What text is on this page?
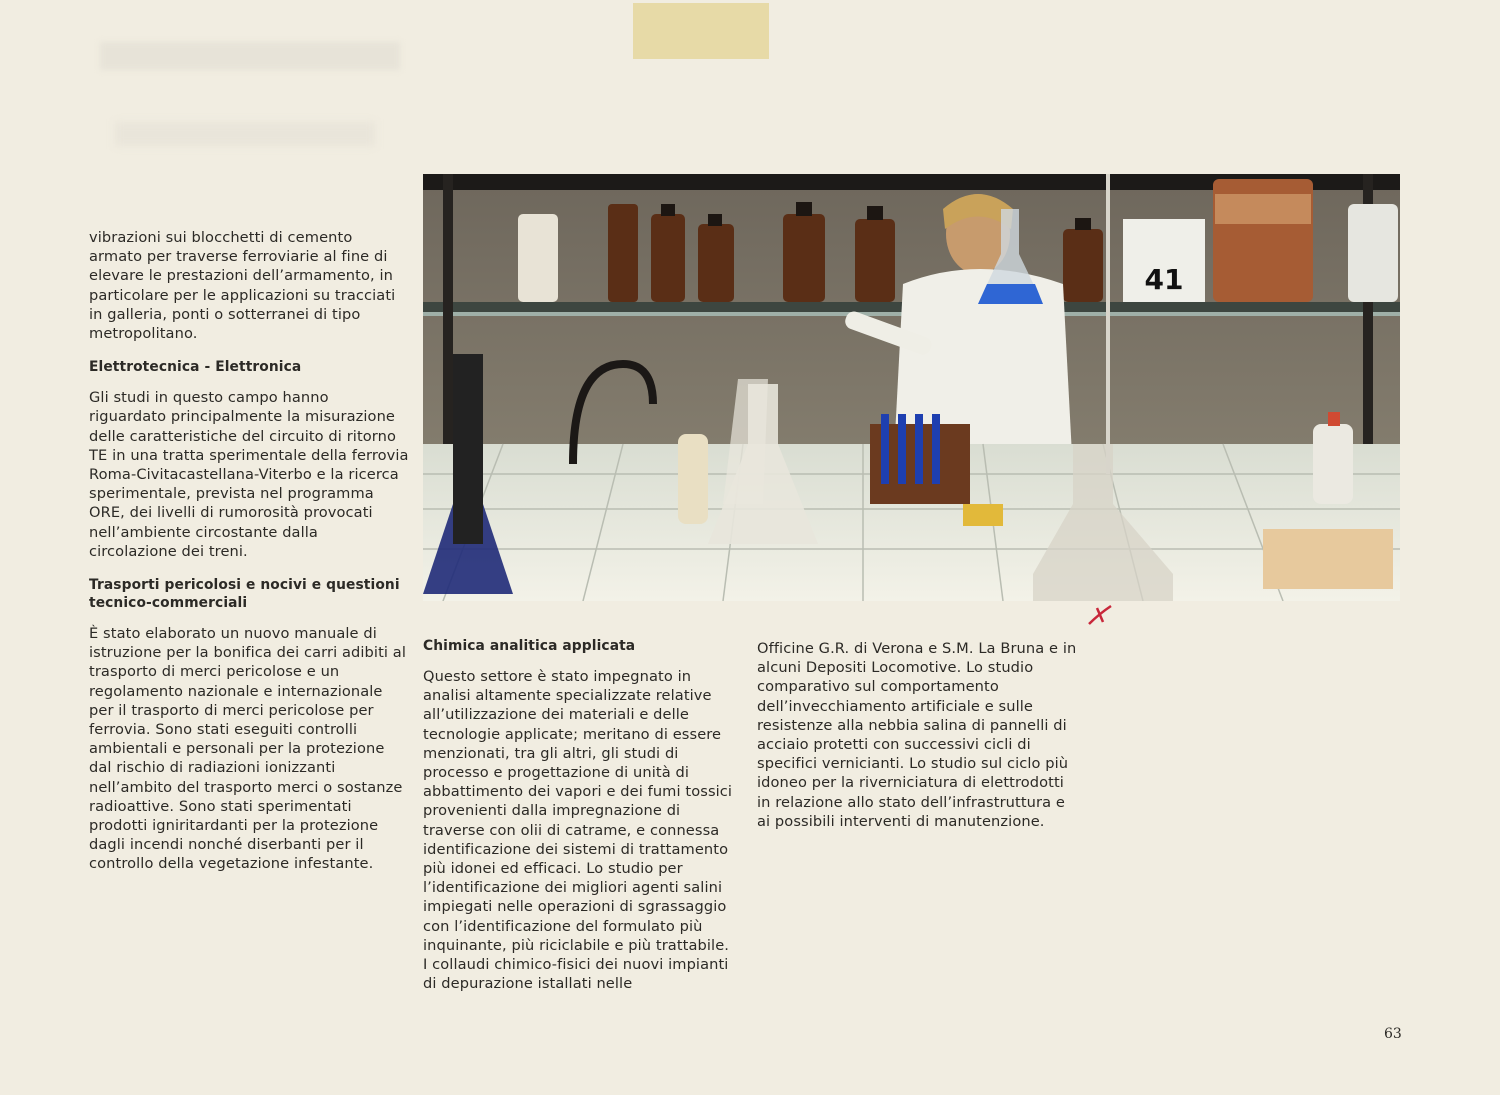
vibrazioni sui blocchetti di cemento armato per traverse ferroviarie al fine di elevare le prestazioni dell’armamento, in particolare per le applicazioni su tracciati in galleria, ponti o sotterranei di tipo metropolitano.

Elettrotecnica - Elettronica

Gli studi in questo campo hanno riguardato principalmente la misurazione delle caratteristiche del circuito di ritorno TE in una tratta sperimentale della ferrovia Roma-Civitacastellana-Viterbo e la ricerca sperimentale, prevista nel programma ORE, dei livelli di rumorosità provocati nell’ambiente circostante dalla circolazione dei treni.

Trasporti pericolosi e nocivi e questioni tecnico-commerciali

È stato elaborato un nuovo manuale di istruzione per la bonifica dei carri adibiti al trasporto di merci pericolose e un regolamento nazionale e internazionale per il trasporto di merci pericolose per ferrovia. Sono stati eseguiti controlli ambientali e personali per la protezione dal rischio di radiazioni ionizzanti nell’ambito del trasporto merci o sostanze radioattive. Sono stati sperimentati prodotti igniritardanti per la protezione dagli incendi nonché diserbanti per il controllo della vegetazione infestante.

41
Chimica analitica applicata

Questo settore è stato impegnato in analisi altamente specializzate relative all’utilizzazione dei materiali e delle tecnologie applicate; meritano di essere menzionati, tra gli altri, gli studi di processo e progettazione di unità di abbattimento dei vapori e dei fumi tossici provenienti dalla impregnazione di traverse con olii di catrame, e connessa identificazione dei sistemi di trattamento più idonei ed efficaci. Lo studio per l’identificazione dei migliori agenti salini impiegati nelle operazioni di sgrassaggio con l’identificazione del formulato più inquinante, più riciclabile e più trattabile.

I collaudi chimico-fisici dei nuovi impianti di depurazione istallati nelle

Officine G.R. di Verona e S.M. La Bruna e in alcuni Depositi Locomotive. Lo studio comparativo sul comportamento dell’invecchiamento artificiale e sulle resistenze alla nebbia salina di pannelli di acciaio protetti con successivi cicli di specifici vernicianti. Lo studio sul ciclo più idoneo per la riverniciatura di elettrodotti in relazione allo stato dell’infrastruttura e ai possibili interventi di manutenzione.

63
